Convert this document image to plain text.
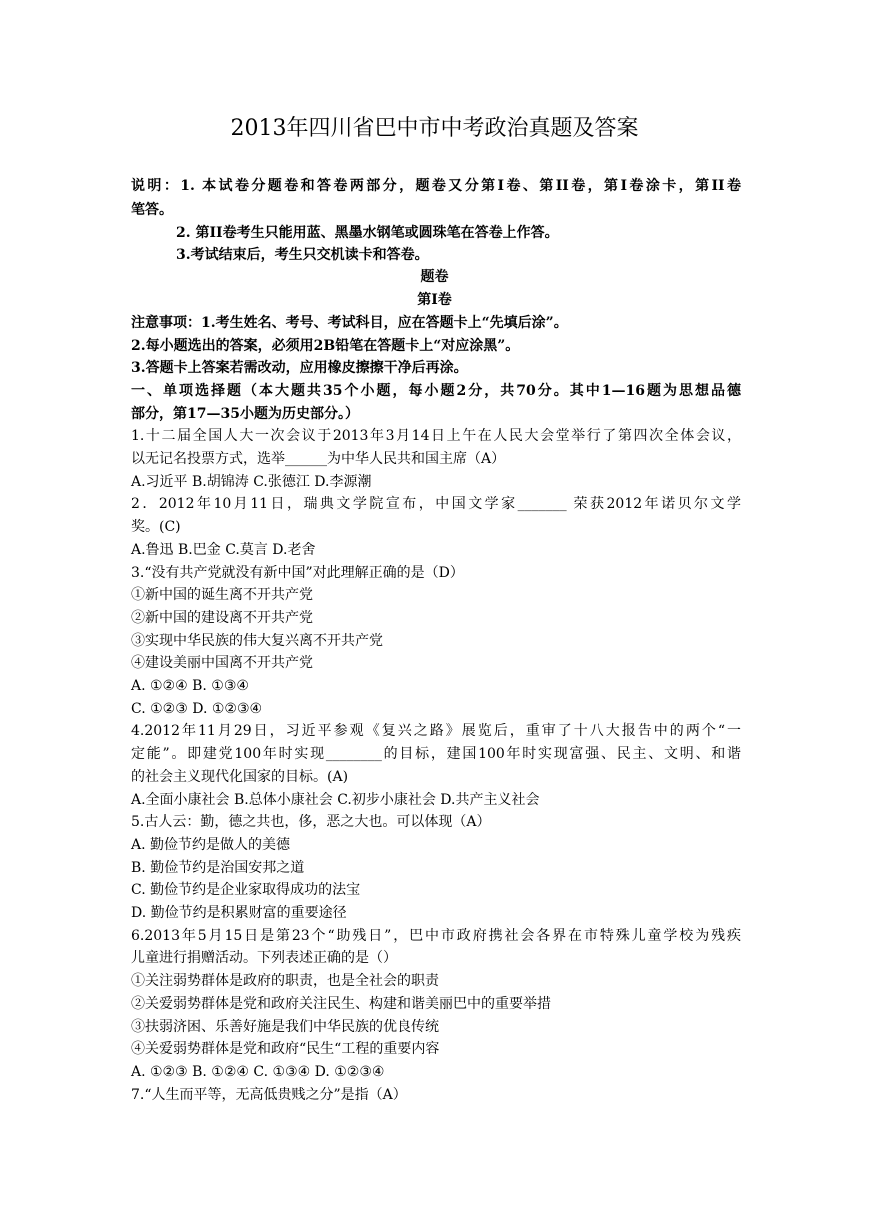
2013年四川省巴中市中考政治真题及答案
说明：1. 本试卷分题卷和答卷两部分，题卷又分第Ⅰ卷、第II卷，第Ⅰ卷涂卡，第II卷
笔答。
2. 第II卷考生只能用蓝、黑墨水钢笔或圆珠笔在答卷上作答。
3.考试结束后，考生只交机读卡和答卷。
题卷
第Ⅰ卷
注意事项：1.考生姓名、考号、考试科目，应在答题卡上“先填后涂”。
2.每小题选出的答案，必须用2B铅笔在答题卡上“对应涂黑”。
3.答题卡上答案若需改动，应用橡皮擦擦干净后再涂。
一、单项选择题（本大题共35个小题，每小题2分，共70分。其中1—16题为思想品德
部分，第17—35小题为历史部分。）
1.十二届全国人大一次会议于2013年3月14日上午在人民大会堂举行了第四次全体会议，
以无记名投票方式，选举______为中华人民共和国主席（A）
A.习近平 B.胡锦涛 C.张德江 D.李源潮
2．2012年10月11日，瑞典文学院宣布，中国文学家_______ 荣获2012年诺贝尔文学
奖。(C)
A.鲁迅 B.巴金 C.莫言 D.老舍
3.“没有共产党就没有新中国”对此理解正确的是（D）
①新中国的诞生离不开共产党
②新中国的建设离不开共产党
③实现中华民族的伟大复兴离不开共产党
④建设美丽中国离不开共产党
A. ①②④ B. ①③④
C. ①②③ D. ①②③④
4.2012年11月29日，习近平参观《复兴之路》展览后，重审了十八大报告中的两个“一
定能”。即建党100年时实现________的目标，建国100年时实现富强、民主、文明、和谐
的社会主义现代化国家的目标。(A)
A.全面小康社会 B.总体小康社会 C.初步小康社会 D.共产主义社会
5.古人云：勤，德之共也，侈，恶之大也。可以体现（A）
A. 勤俭节约是做人的美德
B. 勤俭节约是治国安邦之道
C. 勤俭节约是企业家取得成功的法宝
D. 勤俭节约是积累财富的重要途径
6.2013年5月15日是第23个“助残日”，巴中市政府携社会各界在市特殊儿童学校为残疾
儿童进行捐赠活动。下列表述正确的是（）
①关注弱势群体是政府的职责，也是全社会的职责
②关爱弱势群体是党和政府关注民生、构建和谐美丽巴中的重要举措
③扶弱济困、乐善好施是我们中华民族的优良传统
④关爱弱势群体是党和政府“民生“工程的重要内容
A. ①②③ B. ①②④ C. ①③④ D. ①②③④
7.“人生而平等，无高低贵贱之分”是指（A）
